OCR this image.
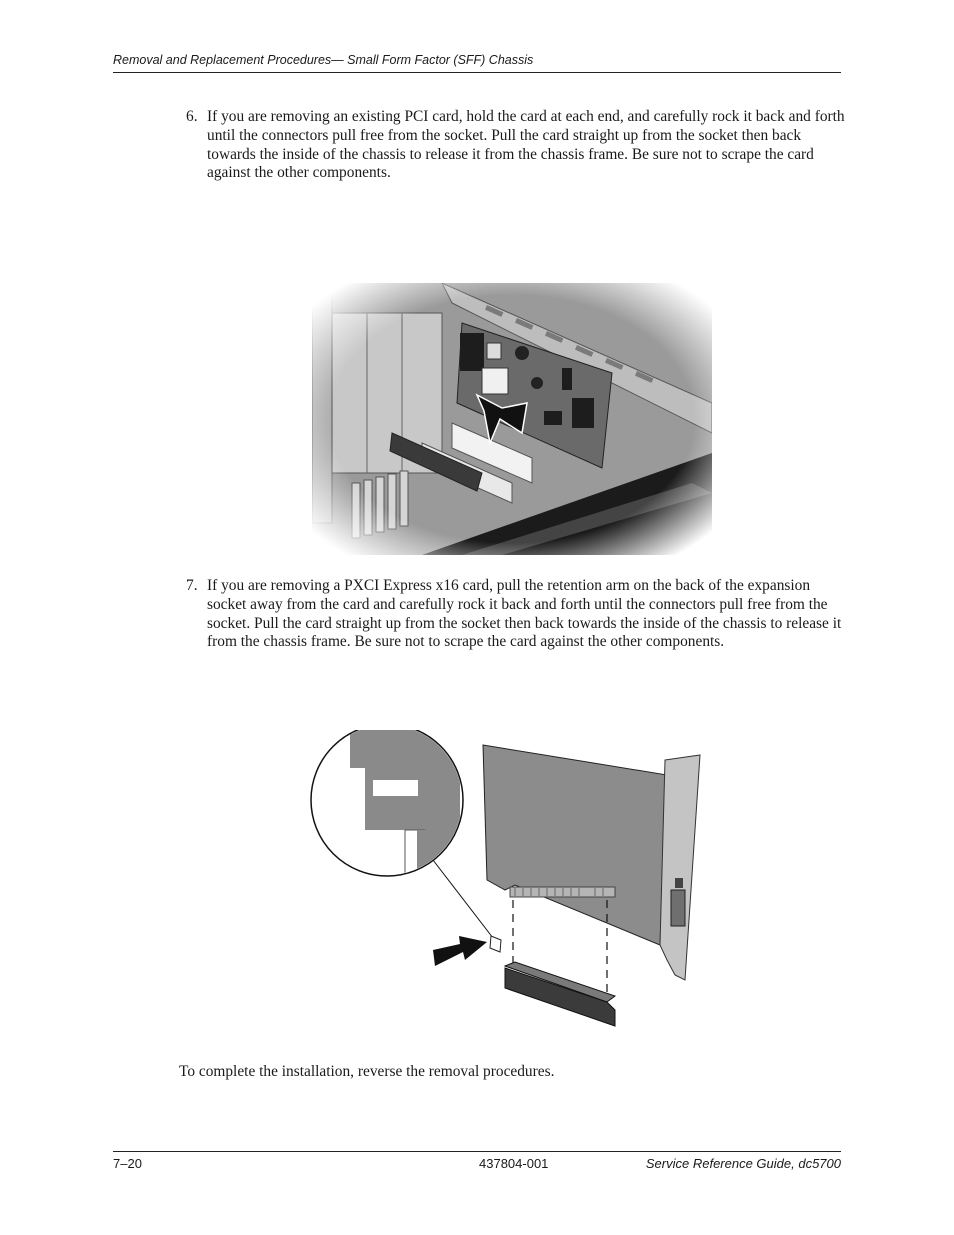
Removal and Replacement Procedures— Small Form Factor (SFF) Chassis
6. If you are removing an existing PCI card, hold the card at each end, and carefully rock it back and forth until the connectors pull free from the socket. Pull the card straight up from the socket then back towards the inside of the chassis to release it from the chassis frame. Be sure not to scrape the card against the other components.
7. If you are removing a PXCI Express x16 card, pull the retention arm on the back of the expansion socket away from the card and carefully rock it back and forth until the connectors pull free from the socket. Pull the card straight up from the socket then back towards the inside of the chassis to release it from the chassis frame. Be sure not to scrape the card against the other components.
To complete the installation, reverse the removal procedures.
7–20	437804-001	Service Reference Guide, dc5700
